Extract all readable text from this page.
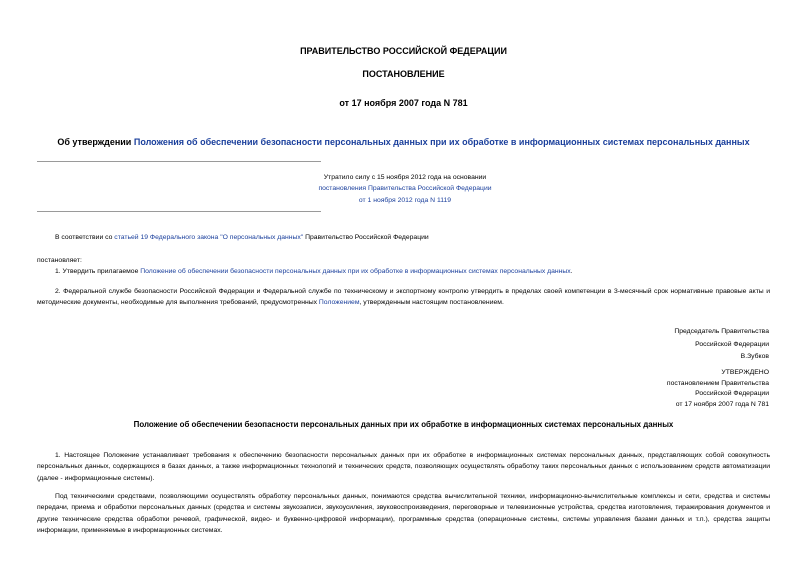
ПРАВИТЕЛЬСТВО РОССИЙСКОЙ ФЕДЕРАЦИИ
ПОСТАНОВЛЕНИЕ
от 17 ноября 2007 года N 781
Об утверждении Положения об обеспечении безопасности персональных данных при их обработке в информационных системах персональных данных
Утратило силу с 15 ноября 2012 года на основании
постановления Правительства Российской Федерации
от 1 ноября 2012 года N 1119
В соответствии со статьей 19 Федерального закона "О персональных данных" Правительство Российской Федерации
постановляет:
1. Утвердить прилагаемое Положение об обеспечении безопасности персональных данных при их обработке в информационных системах персональных данных.
2. Федеральной службе безопасности Российской Федерации и Федеральной службе по техническому и экспортному контролю утвердить в пределах своей компетенции в 3-месячный срок нормативные правовые акты и методические документы, необходимые для выполнения требований, предусмотренных Положением, утвержденным настоящим постановлением.
Председатель Правительства
Российской Федерации
В.Зубков
УТВЕРЖДЕНО
постановлением Правительства
Российской Федерации
от 17 ноября 2007 года N 781
Положение об обеспечении безопасности персональных данных при их обработке в информационных системах персональных данных
1. Настоящее Положение устанавливает требования к обеспечению безопасности персональных данных при их обработке в информационных системах персональных данных, представляющих собой совокупность персональных данных, содержащихся в базах данных, а также информационных технологий и технических средств, позволяющих осуществлять обработку таких персональных данных с использованием средств автоматизации (далее - информационные системы).
Под техническими средствами, позволяющими осуществлять обработку персональных данных, понимаются средства вычислительной техники, информационно-вычислительные комплексы и сети, средства и системы передачи, приема и обработки персональных данных (средства и системы звукозаписи, звукоусиления, звуковоспроизведения, переговорные и телевизионные устройства, средства изготовления, тиражирования документов и другие технические средства обработки речевой, графической, видео- и буквенно-цифровой информации), программные средства (операционные системы, системы управления базами данных и т.п.), средства защиты информации, применяемые в информационных системах.
